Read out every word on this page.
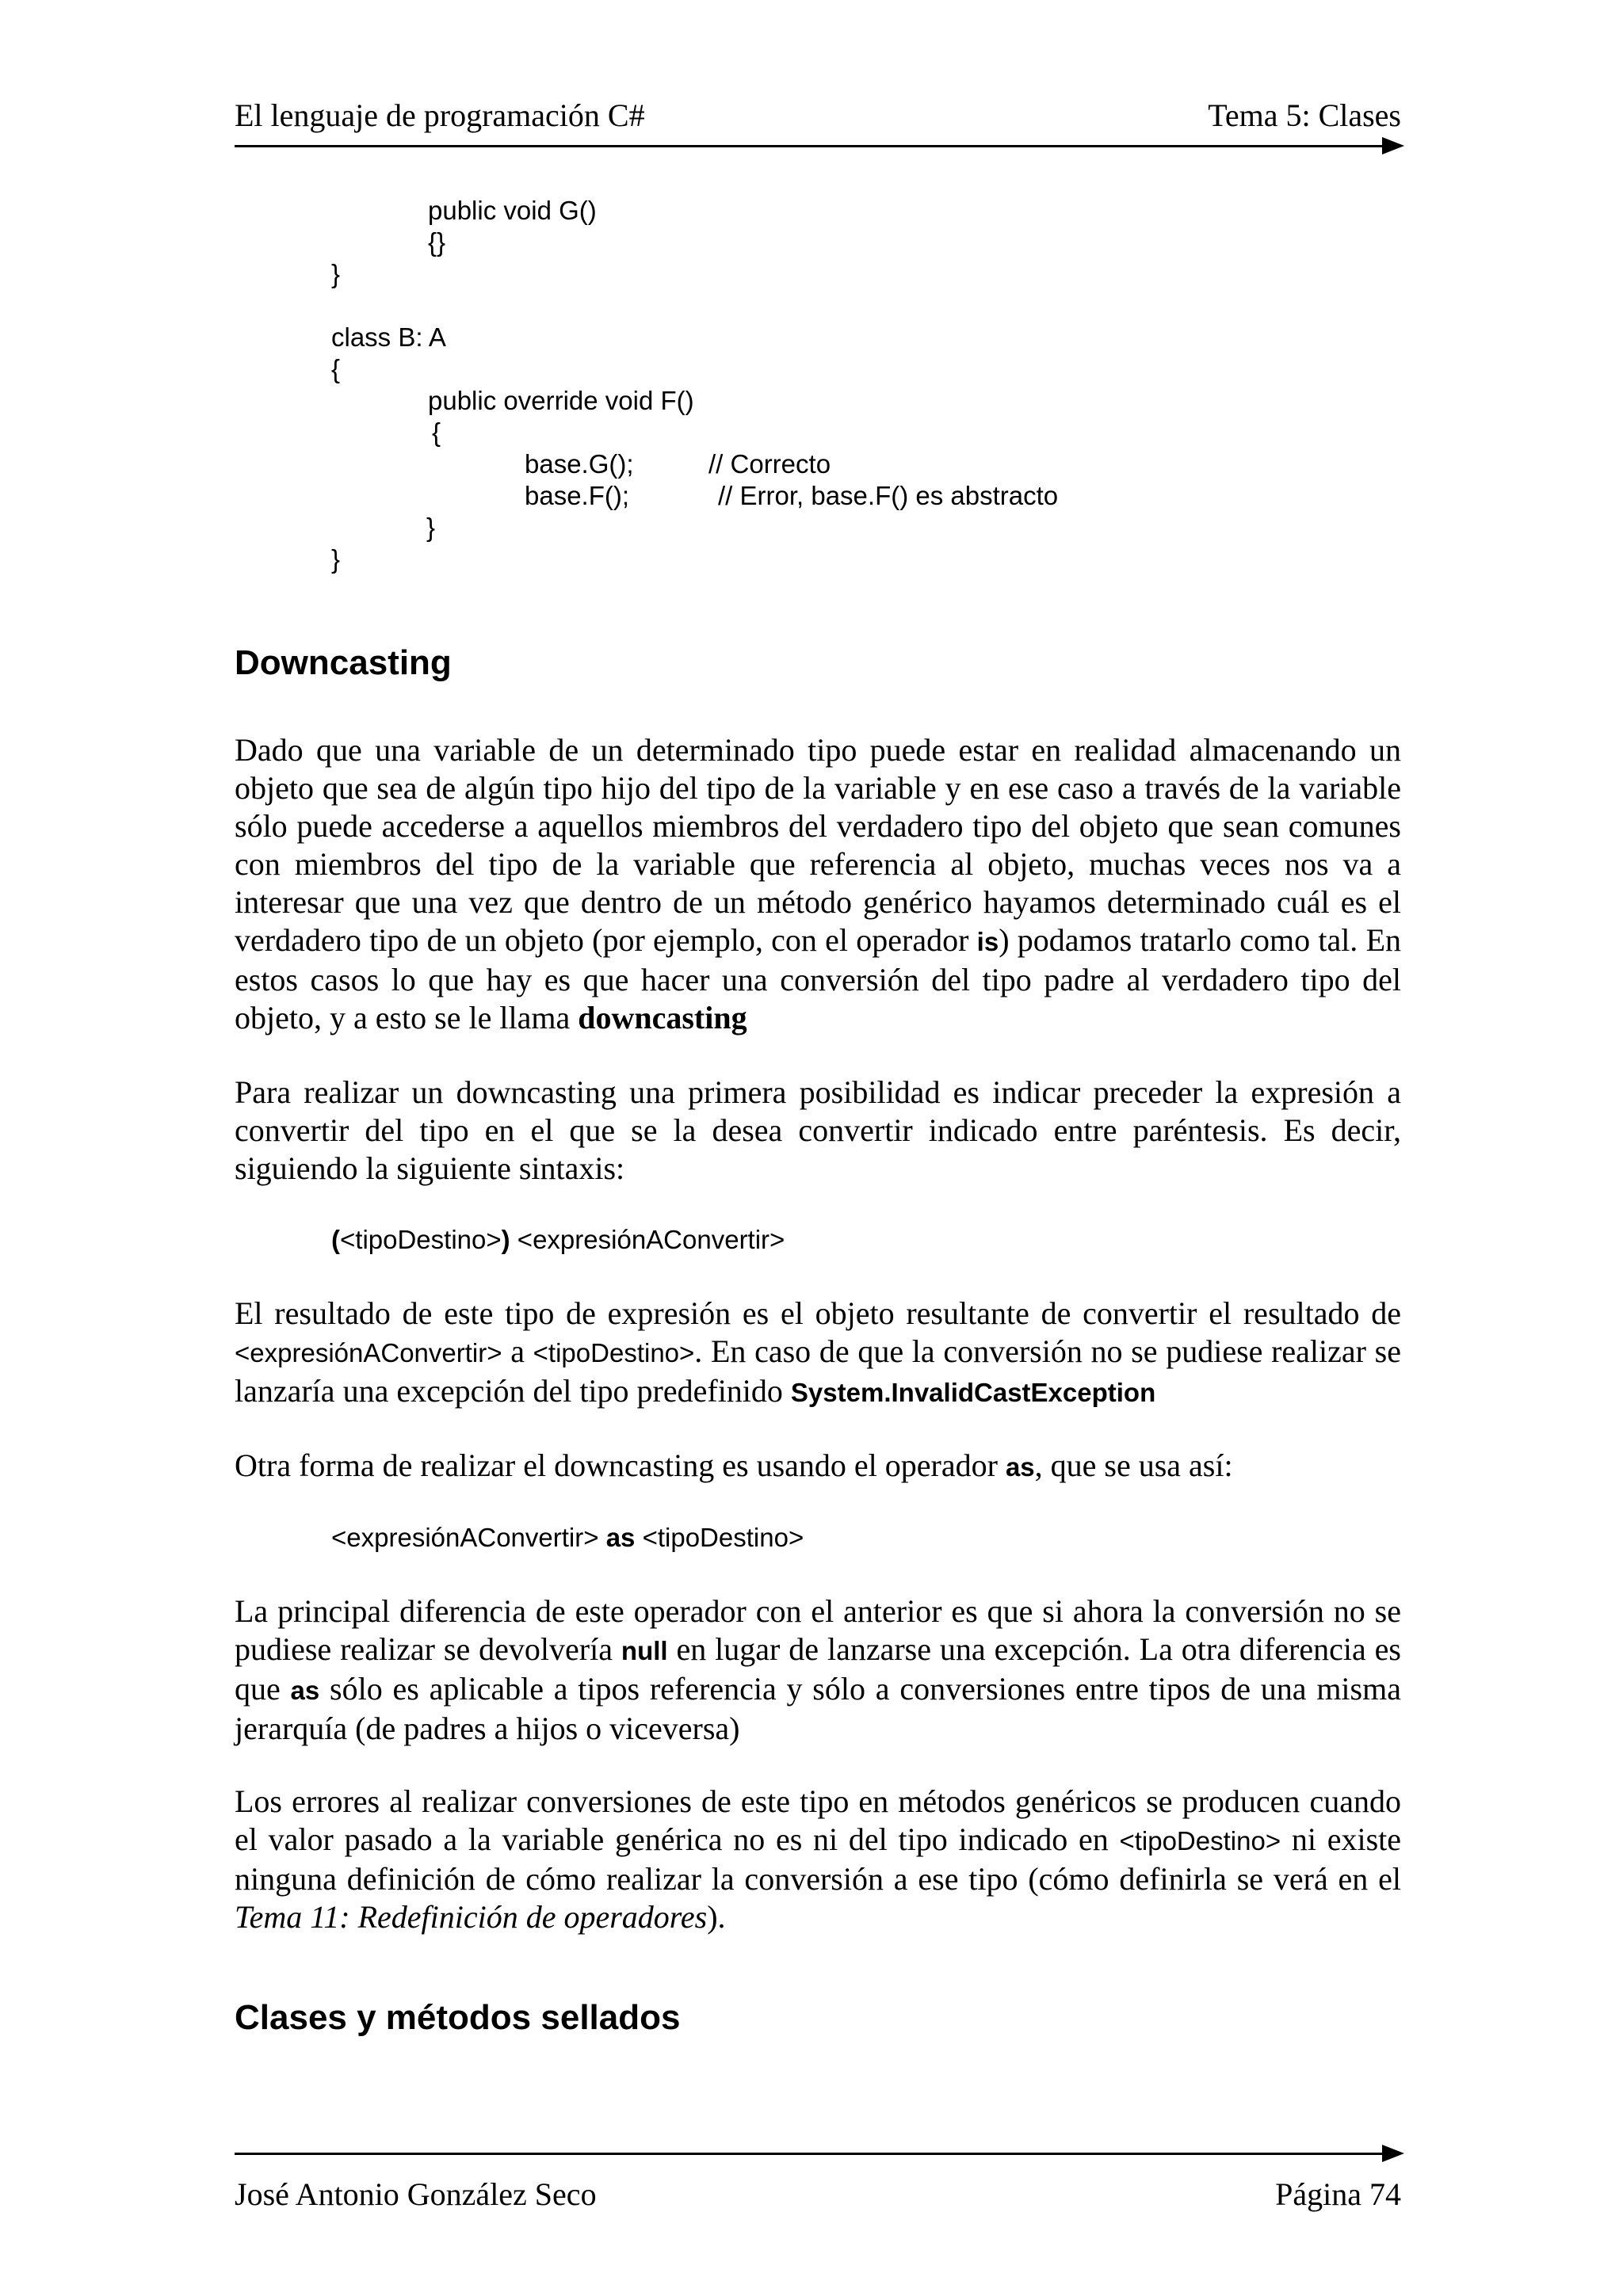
El lenguaje de programación C#	Tema 5: Clases
public void G()
{}
}
class B: A
{
public override void F()
{
base.G();	// Correcto
base.F();	// Error, base.F() es abstracto
}
}
Downcasting

Dado que una variable de un determinado tipo puede estar en realidad almacenando un objeto que sea de algún tipo hijo del tipo de la variable y en ese caso a través de la variable sólo puede accederse a aquellos miembros del verdadero tipo del objeto que sean comunes con miembros del tipo de la variable que referencia al objeto, muchas veces nos va a interesar que una vez que dentro de un método genérico hayamos determinado cuál es el verdadero tipo de un objeto (por ejemplo, con el operador is) podamos tratarlo como tal. En estos casos lo que hay es que hacer una conversión del tipo padre al verdadero tipo del objeto, y a esto se le llama downcasting

Para realizar un downcasting una primera posibilidad es indicar preceder la expresión a convertir del tipo en el que se la desea convertir indicado entre paréntesis. Es decir, siguiendo la siguiente sintaxis:

(<tipoDestino>) <expresiónAConvertir>

El resultado de este tipo de expresión es el objeto resultante de convertir el resultado de <expresiónAConvertir> a <tipoDestino>. En caso de que la conversión no se pudiese realizar se lanzaría una excepción del tipo predefinido System.InvalidCastException

Otra forma de realizar el downcasting es usando el operador as, que se usa así:

<expresiónAConvertir> as <tipoDestino>

La principal diferencia de este operador con el anterior es que si ahora la conversión no se pudiese realizar se devolvería null en lugar de lanzarse una excepción. La otra diferencia es que as sólo es aplicable a tipos referencia y sólo a conversiones entre tipos de una misma jerarquía (de padres a hijos o viceversa)

Los errores al realizar conversiones de este tipo en métodos genéricos se producen cuando el valor pasado a la variable genérica no es ni del tipo indicado en <tipoDestino> ni existe ninguna definición de cómo realizar la conversión a ese tipo (cómo definirla se verá en el Tema 11: Redefinición de operadores).

Clases y métodos sellados
José Antonio González Seco	Página 74
